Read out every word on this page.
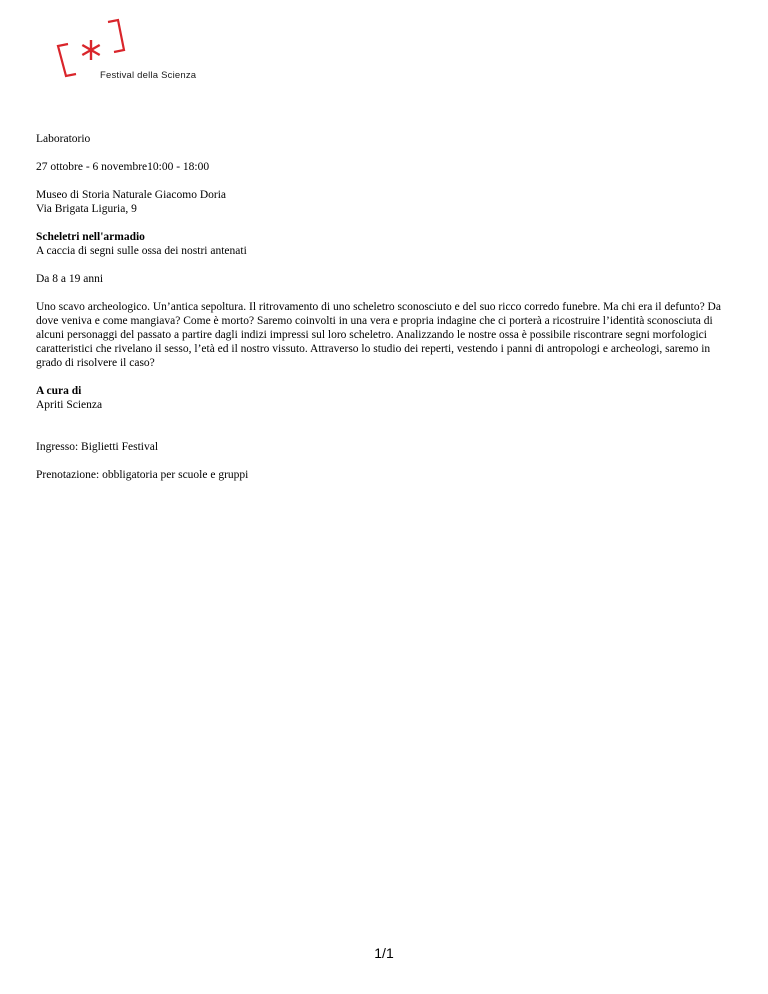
Festival della Scienza

Laboratorio

27 ottobre - 6 novembre10:00 - 18:00

Museo di Storia Naturale Giacomo Doria
Via Brigata Liguria, 9

Scheletri nell'armadio
A caccia di segni sulle ossa dei nostri antenati

Da 8 a 19 anni

Uno scavo archeologico. Un’antica sepoltura. Il ritrovamento di uno scheletro sconosciuto e del suo ricco corredo funebre. Ma chi era il defunto? Da dove veniva e come mangiava? Come è morto? Saremo coinvolti in una vera e propria indagine che ci porterà a ricostruire l’identità sconosciuta di alcuni personaggi del passato a partire dagli indizi impressi sul loro scheletro. Analizzando le nostre ossa è possibile riscontrare segni morfologici caratteristici che rivelano il sesso, l’età ed il nostro vissuto. Attraverso lo studio dei reperti, vestendo i panni di antropologi e archeologi, saremo in grado di risolvere il caso?

A cura di
Apriti Scienza

Ingresso: Biglietti Festival

Prenotazione: obbligatoria per scuole e gruppi

1/1
